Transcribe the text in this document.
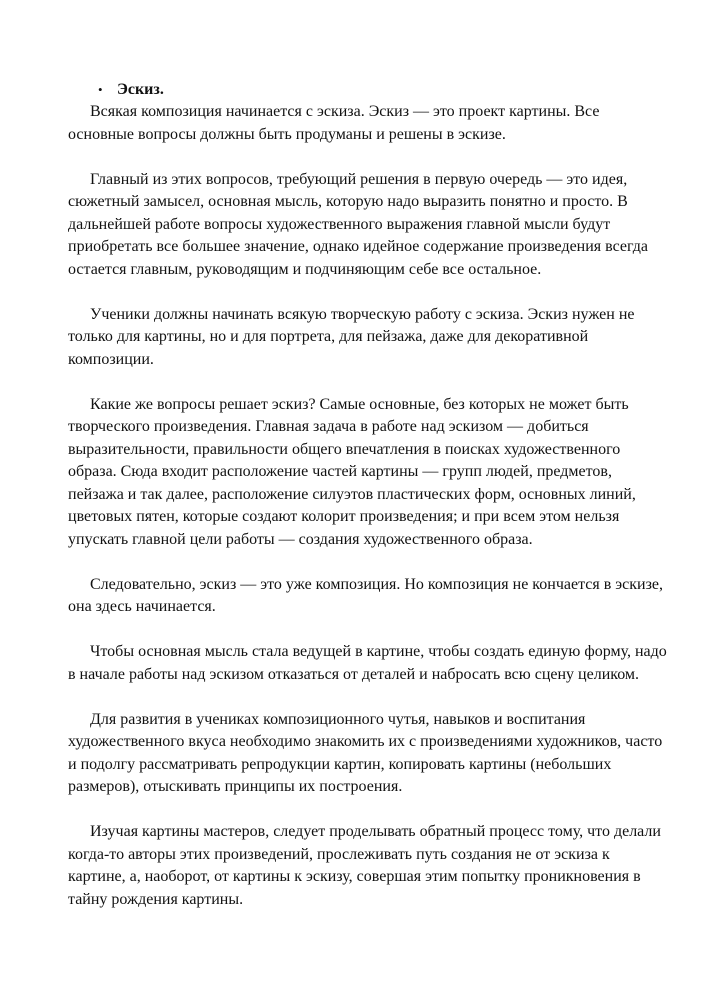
• Эскиз.

Всякая композиция начинается с эскиза. Эскиз — это проект картины. Все основные вопросы должны быть продуманы и решены в эскизе.

Главный из этих вопросов, требующий решения в первую очередь — это идея, сюжетный замысел, основная мысль, которую надо выразить понятно и просто. В дальнейшей работе вопросы художественного выражения главной мысли будут приобретать все большее значение, однако идейное содержание произведения всегда остается главным, руководящим и подчиняющим себе все остальное.

Ученики должны начинать всякую творческую работу с эскиза. Эскиз нужен не только для картины, но и для портрета, для пейзажа, даже для декоративной композиции.

Какие же вопросы решает эскиз? Самые основные, без которых не может быть творческого произведения. Главная задача в работе над эскизом — добиться выразительности, правильности общего впечатления в поисках художественного образа. Сюда входит расположение частей картины — групп людей, предметов, пейзажа и так далее, расположение силуэтов пластических форм, основных линий, цветовых пятен, которые создают колорит произведения; и при всем этом нельзя упускать главной цели работы — создания художественного образа.

Следовательно, эскиз — это уже композиция. Но композиция не кончается в эскизе, она здесь начинается.

Чтобы основная мысль стала ведущей в картине, чтобы создать единую форму, надо в начале работы над эскизом отказаться от деталей и набросать всю сцену целиком.

Для развития в учениках композиционного чутья, навыков и воспитания художественного вкуса необходимо знакомить их с произведениями художников, часто и подолгу рассматривать репродукции картин, копировать картины (небольших размеров), отыскивать принципы их построения.

Изучая картины мастеров, следует проделывать обратный процесс тому, что делали когда-то авторы этих произведений, прослеживать путь создания не от эскиза к картине, а, наоборот, от картины к эскизу, совершая этим попытку проникновения в тайну рождения картины.
